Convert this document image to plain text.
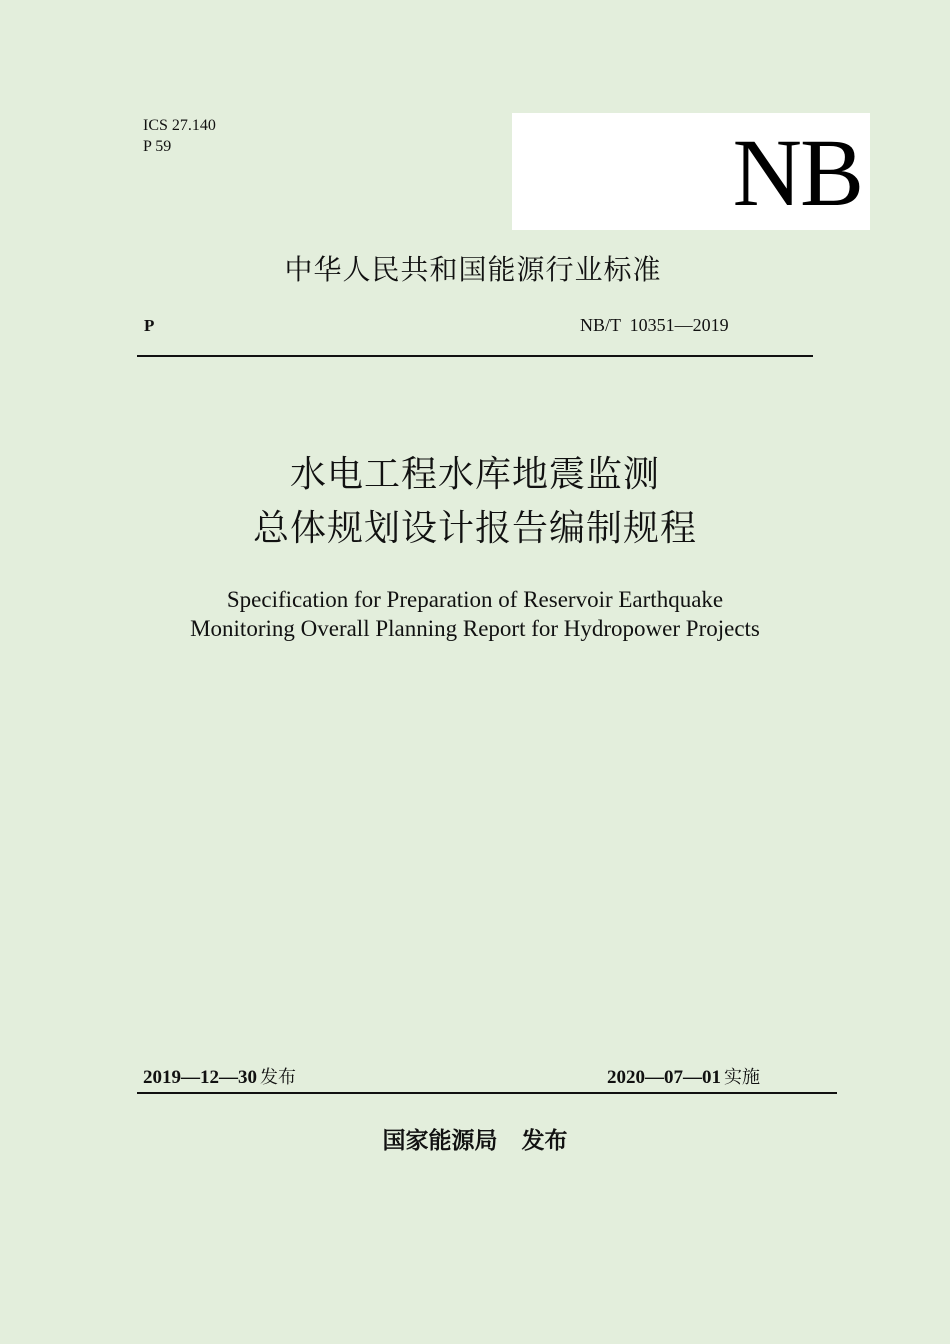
ICS 27.140
P 59	NB
中华人民共和国能源行业标准
P	NB/T  10351—2019
水电工程水库地震监测
总体规划设计报告编制规程
Specification for Preparation of Reservoir Earthquake
Monitoring Overall Planning Report for Hydropower Projects
2019—12—30 发布	2020—07—01 实施
国家能源局   发布
